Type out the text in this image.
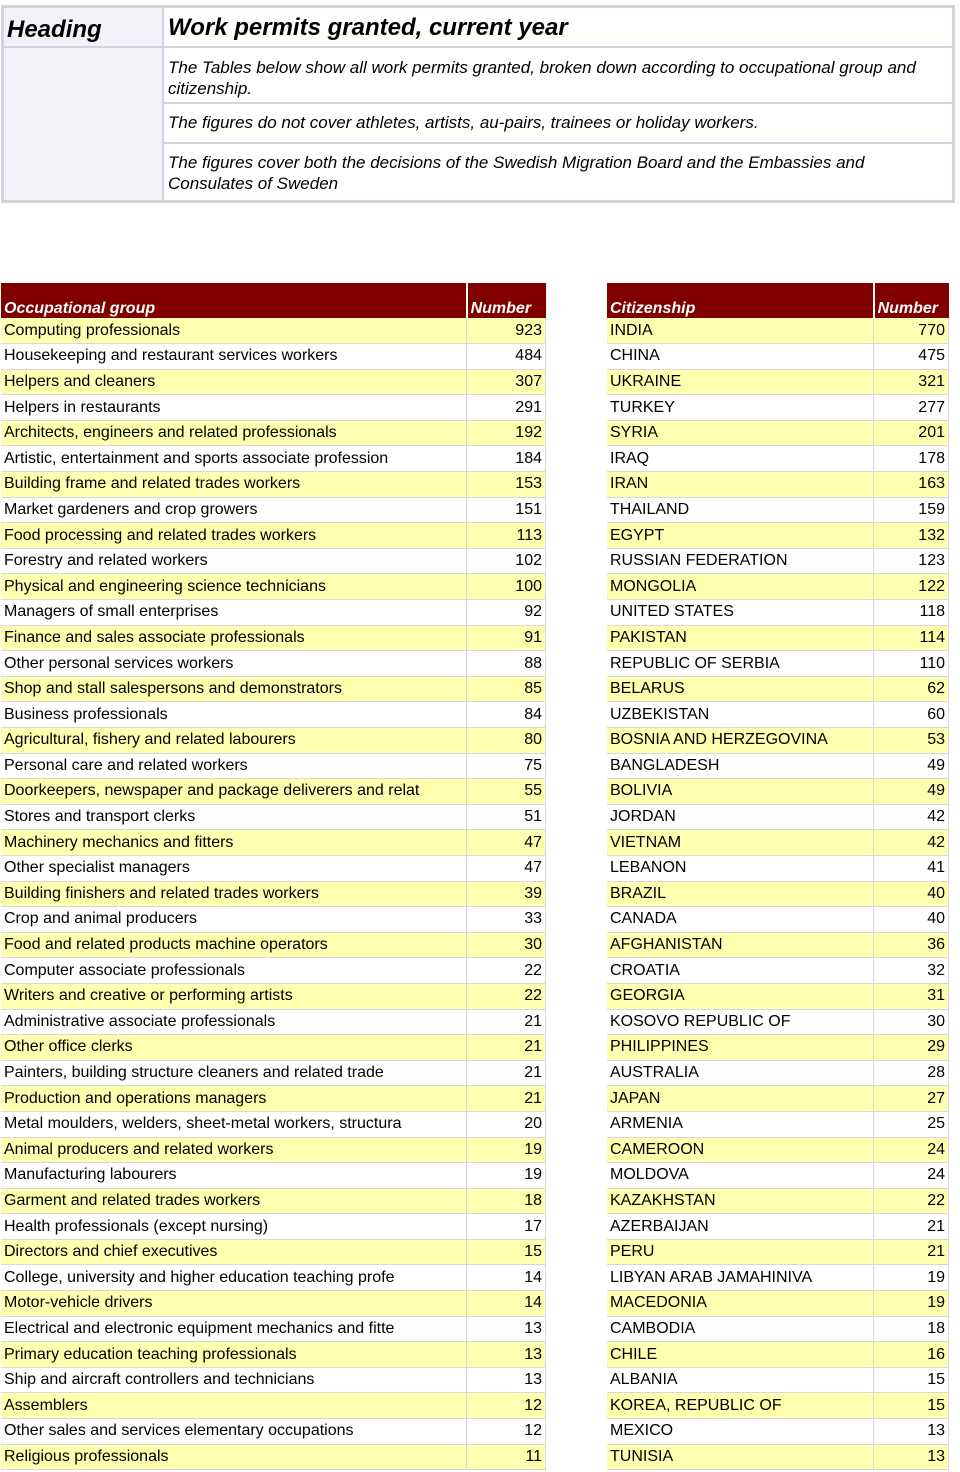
Heading	Work permits granted, current year
The Tables below show all work permits granted, broken down according to occupational group and citizenship.
The figures do not cover athletes, artists, au-pairs, trainees or holiday workers.
The figures cover both the decisions of the Swedish Migration Board and the Embassies and Consulates of Sweden
Occupational group	Number
Computing professionals	923
Housekeeping and restaurant services workers	484
Helpers and cleaners	307
Helpers in restaurants	291
Architects, engineers and related professionals	192
Artistic, entertainment and sports associate profession	184
Building frame and related trades workers	153
Market gardeners and crop growers	151
Food processing and related trades workers	113
Forestry and related workers	102
Physical and engineering science technicians	100
Managers of small enterprises	92
Finance and sales associate professionals	91
Other personal services workers	88
Shop and stall salespersons and demonstrators	85
Business professionals	84
Agricultural, fishery and related labourers	80
Personal care and related workers	75
Doorkeepers, newspaper and package deliverers and relat	55
Stores and transport clerks	51
Machinery mechanics and fitters	47
Other specialist managers	47
Building finishers and related trades workers	39
Crop and animal producers	33
Food and related products machine operators	30
Computer associate professionals	22
Writers and creative or performing artists	22
Administrative associate professionals	21
Other office clerks	21
Painters, building structure cleaners and related trade	21
Production and operations managers	21
Metal moulders, welders, sheet-metal workers, structura	20
Animal producers and related workers	19
Manufacturing labourers	19
Garment and related trades workers	18
Health professionals (except nursing)	17
Directors and chief executives	15
College, university and higher education teaching profe	14
Motor-vehicle drivers	14
Electrical and electronic equipment mechanics and fitte	13
Primary education teaching professionals	13
Ship and aircraft controllers and technicians	13
Assemblers	12
Other sales and services elementary occupations	12
Religious professionals	11
Citizenship	Number
INDIA	770
CHINA	475
UKRAINE	321
TURKEY	277
SYRIA	201
IRAQ	178
IRAN	163
THAILAND	159
EGYPT	132
RUSSIAN FEDERATION	123
MONGOLIA	122
UNITED STATES	118
PAKISTAN	114
REPUBLIC OF SERBIA	110
BELARUS	62
UZBEKISTAN	60
BOSNIA AND HERZEGOVINA	53
BANGLADESH	49
BOLIVIA	49
JORDAN	42
VIETNAM	42
LEBANON	41
BRAZIL	40
CANADA	40
AFGHANISTAN	36
CROATIA	32
GEORGIA	31
KOSOVO REPUBLIC OF	30
PHILIPPINES	29
AUSTRALIA	28
JAPAN	27
ARMENIA	25
CAMEROON	24
MOLDOVA	24
KAZAKHSTAN	22
AZERBAIJAN	21
PERU	21
LIBYAN ARAB JAMAHINIVA	19
MACEDONIA	19
CAMBODIA	18
CHILE	16
ALBANIA	15
KOREA, REPUBLIC OF	15
MEXICO	13
TUNISIA	13
